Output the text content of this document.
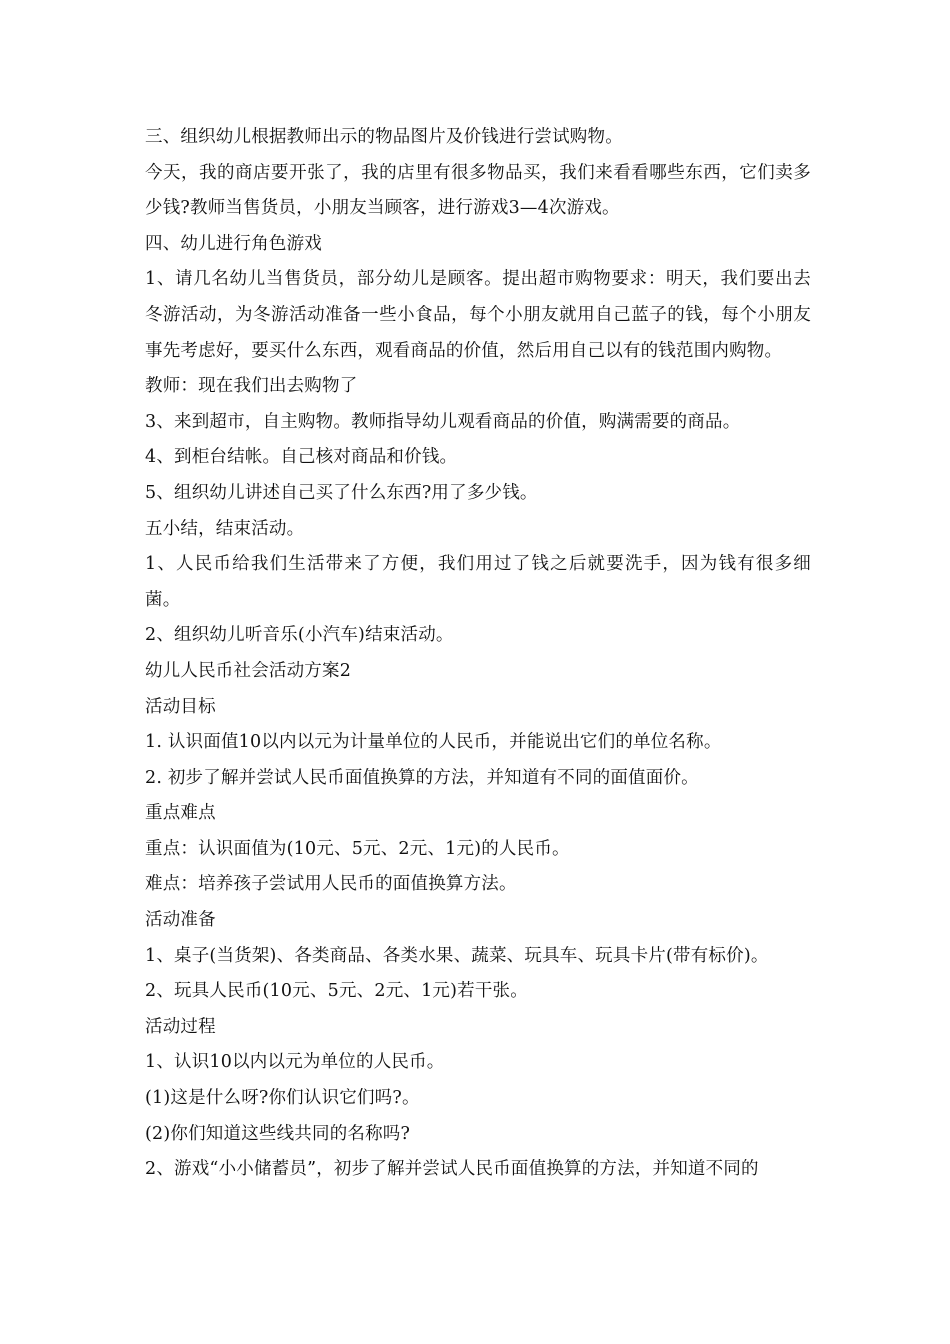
三、组织幼儿根据教师出示的物品图片及价钱进行尝试购物。

今天，我的商店要开张了，我的店里有很多物品买，我们来看看哪些东西，它们卖多少钱?教师当售货员，小朋友当顾客，进行游戏3—4次游戏。

四、幼儿进行角色游戏

1、请几名幼儿当售货员，部分幼儿是顾客。提出超市购物要求：明天，我们要出去冬游活动，为冬游活动准备一些小食品，每个小朋友就用自己蓝子的钱，每个小朋友事先考虑好，要买什么东西，观看商品的价值，然后用自己以有的钱范围内购物。

教师：现在我们出去购物了

3、来到超市，自主购物。教师指导幼儿观看商品的价值，购满需要的商品。

4、到柜台结帐。自己核对商品和价钱。

5、组织幼儿讲述自己买了什么东西?用了多少钱。

五小结，结束活动。

1、人民币给我们生活带来了方便，我们用过了钱之后就要洗手，因为钱有很多细菌。

2、组织幼儿听音乐(小汽车)结束活动。

幼儿人民币社会活动方案2

活动目标

1. 认识面值10以内以元为计量单位的人民币，并能说出它们的单位名称。

2. 初步了解并尝试人民币面值换算的方法，并知道有不同的面值面价。

重点难点

重点：认识面值为(10元、5元、2元、1元)的人民币。

难点：培养孩子尝试用人民币的面值换算方法。

活动准备

1、桌子(当货架)、各类商品、各类水果、蔬菜、玩具车、玩具卡片(带有标价)。

2、玩具人民币(10元、5元、2元、1元)若干张。

活动过程

1、认识10以内以元为单位的人民币。

(1)这是什么呀?你们认识它们吗?。

(2)你们知道这些线共同的名称吗?

2、游戏“小小储蓄员”，初步了解并尝试人民币面值换算的方法，并知道不同的
